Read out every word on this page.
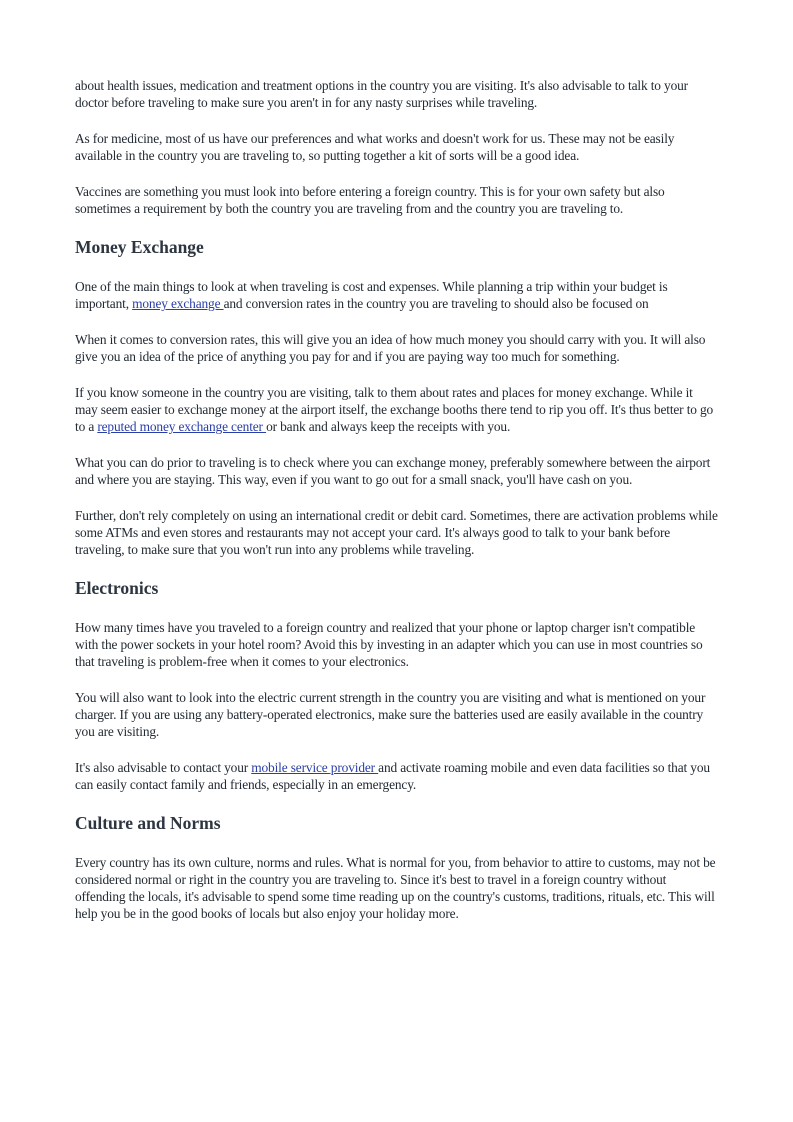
about health issues, medication and treatment options in the country you are visiting. It's also advisable to talk to your doctor before traveling to make sure you aren't in for any nasty surprises while traveling.

As for medicine, most of us have our preferences and what works and doesn't work for us. These may not be easily available in the country you are traveling to, so putting together a kit of sorts will be a good idea.

Vaccines are something you must look into before entering a foreign country. This is for your own safety but also sometimes a requirement by both the country you are traveling from and the country you are traveling to.

Money Exchange

One of the main things to look at when traveling is cost and expenses. While planning a trip within your budget is important, money exchange and conversion rates in the country you are traveling to should also be focused on

When it comes to conversion rates, this will give you an idea of how much money you should carry with you. It will also give you an idea of the price of anything you pay for and if you are paying way too much for something.

If you know someone in the country you are visiting, talk to them about rates and places for money exchange. While it may seem easier to exchange money at the airport itself, the exchange booths there tend to rip you off. It's thus better to go to a reputed money exchange center or bank and always keep the receipts with you.

What you can do prior to traveling is to check where you can exchange money, preferably somewhere between the airport and where you are staying. This way, even if you want to go out for a small snack, you'll have cash on you.

Further, don't rely completely on using an international credit or debit card. Sometimes, there are activation problems while some ATMs and even stores and restaurants may not accept your card. It's always good to talk to your bank before traveling, to make sure that you won't run into any problems while traveling.

Electronics

How many times have you traveled to a foreign country and realized that your phone or laptop charger isn't compatible with the power sockets in your hotel room? Avoid this by investing in an adapter which you can use in most countries so that traveling is problem-free when it comes to your electronics.

You will also want to look into the electric current strength in the country you are visiting and what is mentioned on your charger. If you are using any battery-operated electronics, make sure the batteries used are easily available in the country you are visiting.

It's also advisable to contact your mobile service provider and activate roaming mobile and even data facilities so that you can easily contact family and friends, especially in an emergency.

Culture and Norms

Every country has its own culture, norms and rules. What is normal for you, from behavior to attire to customs, may not be considered normal or right in the country you are traveling to. Since it's best to travel in a foreign country without offending the locals, it's advisable to spend some time reading up on the country's customs, traditions, rituals, etc. This will help you be in the good books of locals but also enjoy your holiday more.
